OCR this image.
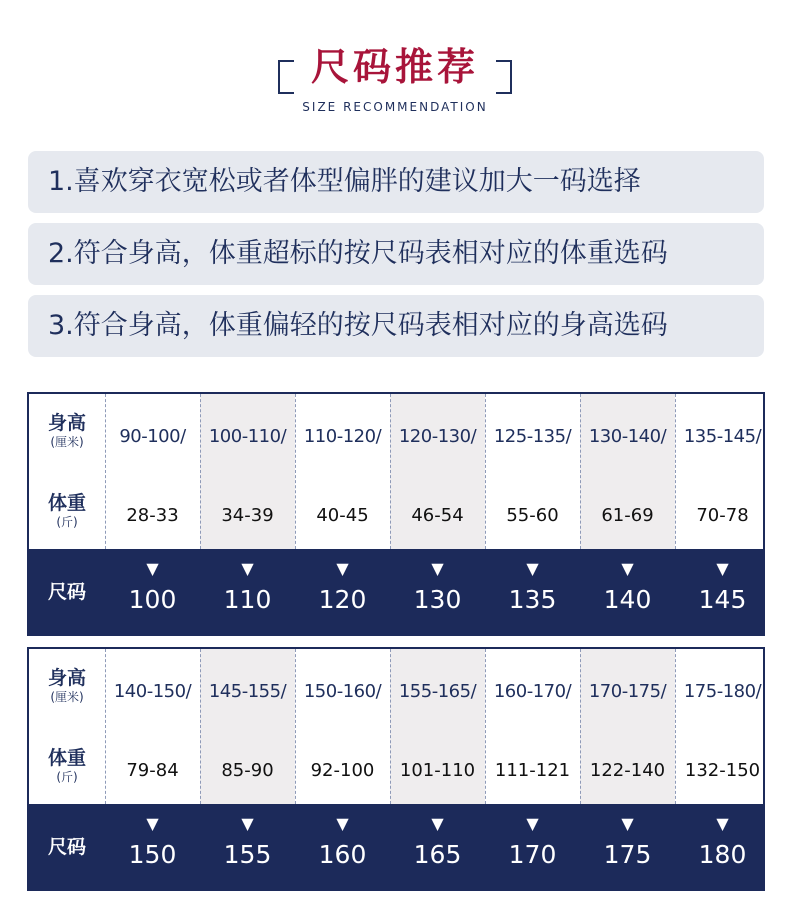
尺码推荐
SIZE RECOMMENDATION
1.喜欢穿衣宽松或者体型偏胖的建议加大一码选择
2.符合身高，体重超标的按尺码表相对应的体重选码
3.符合身高，体重偏轻的按尺码表相对应的身高选码
身高
(厘米)
体重
(斤)
90-100/
28-33
100-110/
34-39
110-120/
40-45
120-130/
46-54
125-135/
55-60
130-140/
61-69
135-145/
70-78
尺码
▼
100
▼
110
▼
120
▼
130
▼
135
▼
140
▼
145
身高
(厘米)
体重
(斤)
140-150/
79-84
145-155/
85-90
150-160/
92-100
155-165/
101-110
160-170/
111-121
170-175/
122-140
175-180/
132-150
尺码
▼
150
▼
155
▼
160
▼
165
▼
170
▼
175
▼
180
